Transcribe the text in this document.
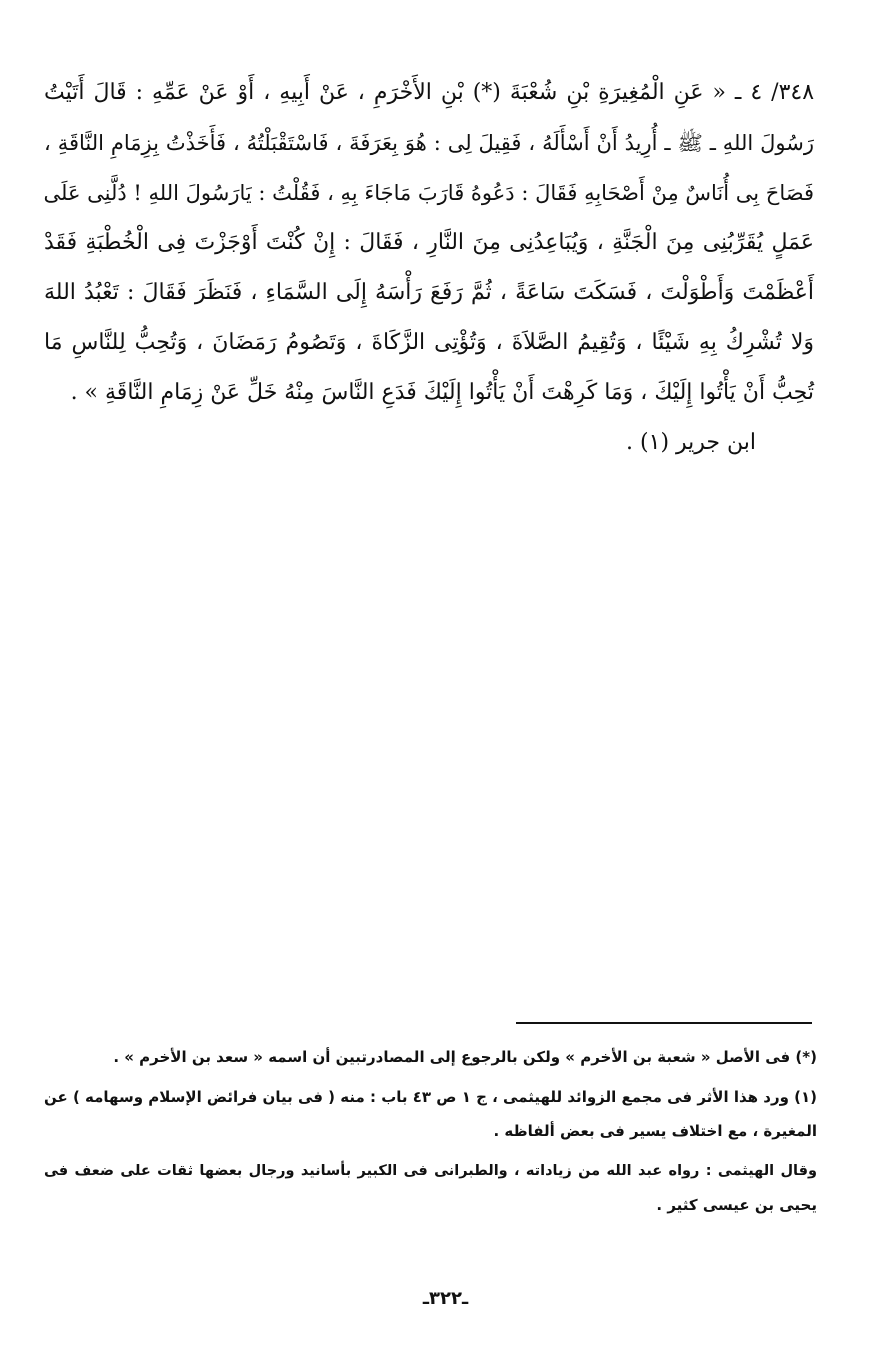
٣٤٨/ ٤ ـ « عَنِ الْمُغِيرَةِ بْنِ شُعْبَةَ (*) بْنِ الأَخْرَمِ ، عَنْ أَبِيهِ ، أَوْ عَنْ عَمِّهِ : قَالَ أَتَيْتُ
رَسُولَ اللهِ ـ ﷺ ـ أُرِيدُ أَنْ أَسْأَلَهُ ، فَقِيلَ لِى : هُوَ بِعَرَفَةَ ، فَاسْتَقْبَلْتُهُ ، فَأَخَذْتُ بِزِمَامِ النَّاقَةِ ،
فَصَاحَ بِى أُنَاسٌ مِنْ أَصْحَابِهِ فَقَالَ : دَعُوهُ قَارَبَ مَاجَاءَ بِهِ ، فَقُلْتُ : يَارَسُولَ اللهِ ! دُلَّنِى عَلَى
عَمَلٍ يُقَرِّبُنِى مِنَ الْجَنَّةِ ، وَيُبَاعِدُنِى مِنَ النَّارِ ، فَقَالَ : إِنْ كُنْتَ أَوْجَزْتَ فِى الْخُطْبَةِ فَقَدْ
أَعْظَمْتَ وَأَطْوَلْتَ ، فَسَكَتَ سَاعَةً ، ثُمَّ رَفَعَ رَأْسَهُ إِلَى السَّمَاءِ ، فَنَظَرَ فَقَالَ : تَعْبُدُ اللهَ
وَلا تُشْرِكُ بِهِ شَيْئًا ، وَتُقِيمُ الصَّلاَةَ ، وَتُؤْتِى الزَّكَاةَ ، وَتَصُومُ رَمَضَانَ ، وَتُحِبُّ لِلنَّاسِ مَا
تُحِبُّ أَنْ يَأْتُوا إِلَيْكَ ، وَمَا كَرِهْتَ أَنْ يَأْتُوا إِلَيْكَ فَدَعِ النَّاسَ مِنْهُ خَلِّ عَنْ زِمَامِ النَّاقَةِ » .
ابن جرير (١) .
(*) فى الأصل « شعبة بن الأخرم » ولكن بالرجوع إلى المصادرتبين أن اسمه « سعد بن الأخرم » .
(١) ورد هذا الأثر فى مجمع الزوائد للهيثمى ، ج ١ ص ٤٣ باب : منه ( فى بيان فرائض الإسلام وسهامه ) عن
المغيرة ، مع اختلاف يسير فى بعض ألفاظه .
وقال الهيثمى : رواه عبد الله من زياداته ، والطبرانى فى الكبير بأسانيد ورجال بعضها ثقات على ضعف فى
يحيى بن عيسى كثير .
ـ٣٢٢ـ
